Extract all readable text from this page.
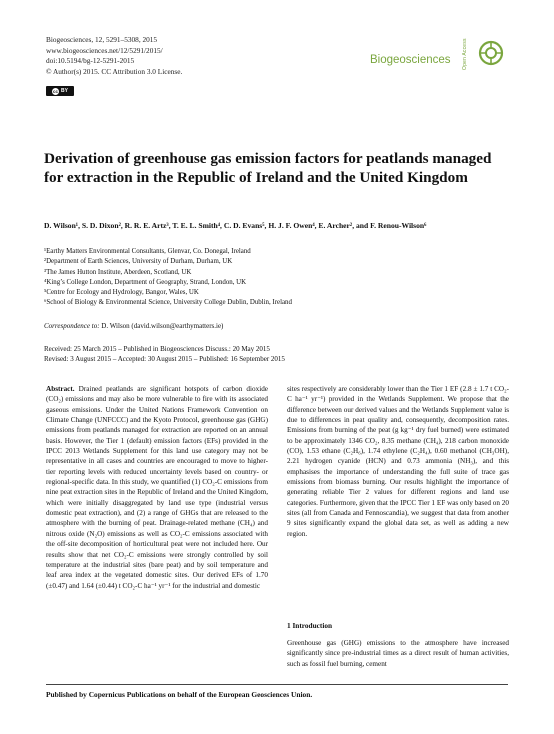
Biogeosciences, 12, 5291–5308, 2015
www.biogeosciences.net/12/5291/2015/
doi:10.5194/bg-12-5291-2015
© Author(s) 2015. CC Attribution 3.0 License.
cc BY
Open Access
Biogeosciences
Derivation of greenhouse gas emission factors for peatlands managed for extraction in the Republic of Ireland and the United Kingdom
D. Wilson¹, S. D. Dixon², R. R. E. Artz³, T. E. L. Smith⁴, C. D. Evans⁵, H. J. F. Owen⁴, E. Archer², and F. Renou-Wilson⁶
¹Earthy Matters Environmental Consultants, Glenvar, Co. Donegal, Ireland
²Department of Earth Sciences, University of Durham, Durham, UK
³The James Hutton Institute, Aberdeen, Scotland, UK
⁴King’s College London, Department of Geography, Strand, London, UK
⁵Centre for Ecology and Hydrology, Bangor, Wales, UK
⁶School of Biology & Environmental Science, University College Dublin, Dublin, Ireland
Correspondence to: D. Wilson (david.wilson@earthymatters.ie)
Received: 25 March 2015 – Published in Biogeosciences Discuss.: 20 May 2015
Revised: 3 August 2015 – Accepted: 30 August 2015 – Published: 16 September 2015

Abstract. Drained peatlands are significant hotspots of carbon dioxide (CO₂) emissions and may also be more vulnerable to fire with its associated gaseous emissions. Under the United Nations Framework Convention on Climate Change (UNFCCC) and the Kyoto Protocol, greenhouse gas (GHG) emissions from peatlands managed for extraction are reported on an annual basis. However, the Tier 1 (default) emission factors (EFs) provided in the IPCC 2013 Wetlands Supplement for this land use category may not be representative in all cases and countries are encouraged to move to higher-tier reporting levels with reduced uncertainty levels based on country- or regional-specific data. In this study, we quantified (1) CO₂-C emissions from nine peat extraction sites in the Republic of Ireland and the United Kingdom, which were initially disaggregated by land use type (industrial versus domestic peat extraction), and (2) a range of GHGs that are released to the atmosphere with the burning of peat. Drainage-related methane (CH₄) and nitrous oxide (N₂O) emissions as well as CO₂-C emissions associated with the off-site decomposition of horticultural peat were not included here. Our results show that net CO₂-C emissions were strongly controlled by soil temperature at the industrial sites (bare peat) and by soil temperature and leaf area index at the vegetated domestic sites. Our derived EFs of 1.70 (±0.47) and 1.64 (±0.44) t CO₂-C ha⁻¹ yr⁻¹ for the industrial and domestic

sites respectively are considerably lower than the Tier 1 EF (2.8 ± 1.7 t CO₂-C ha⁻¹ yr⁻¹) provided in the Wetlands Supplement. We propose that the difference between our derived values and the Wetlands Supplement value is due to differences in peat quality and, consequently, decomposition rates. Emissions from burning of the peat (g kg⁻¹ dry fuel burned) were estimated to be approximately 1346 CO₂, 8.35 methane (CH₄), 218 carbon monoxide (CO), 1.53 ethane (C₂H₆), 1.74 ethylene (C₂H₄), 0.60 methanol (CH₃OH), 2.21 hydrogen cyanide (HCN) and 0.73 ammonia (NH₃), and this emphasises the importance of understanding the full suite of trace gas emissions from biomass burning. Our results highlight the importance of generating reliable Tier 2 values for different regions and land use categories. Furthermore, given that the IPCC Tier 1 EF was only based on 20 sites (all from Canada and Fennoscandia), we suggest that data from another 9 sites significantly expand the global data set, as well as adding a new region.

1 Introduction
Greenhouse gas (GHG) emissions to the atmosphere have increased significantly since pre-industrial times as a direct result of human activities, such as fossil fuel burning, cement
Published by Copernicus Publications on behalf of the European Geosciences Union.
